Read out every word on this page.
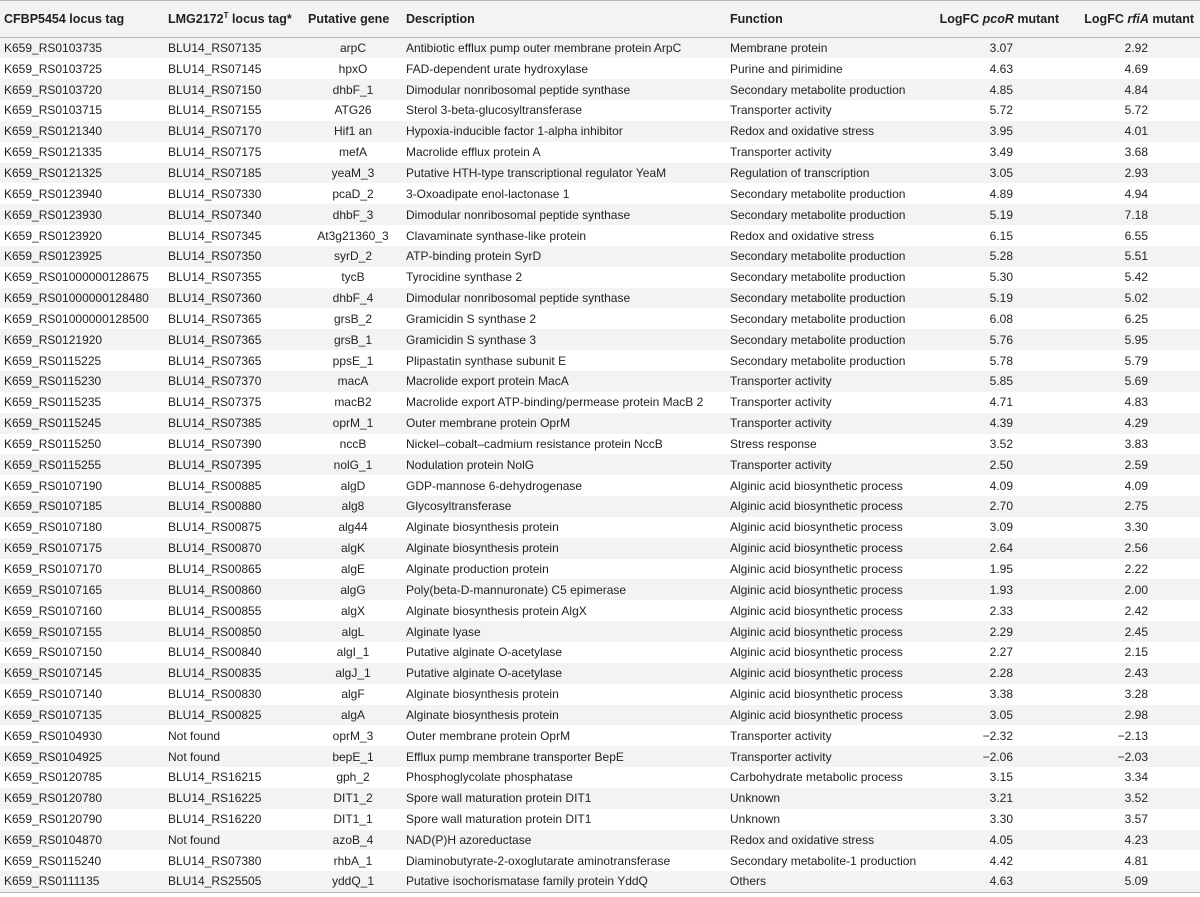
CFBP5454 locus tag	$LMG2172^T$ locus tag*	Putative gene	Description	Function	LogFC pcoR mutant	LogFC rfiA mutant
K659_RS0103735	BLU14_RS07135	arpC	Antibiotic efflux pump outer membrane protein ArpC	Membrane protein	3.07	2.92
K659_RS0103725	BLU14_RS07145	hpxO	FAD-dependent urate hydroxylase	Purine and pirimidine	4.63	4.69
K659_RS0103720	BLU14_RS07150	dhbF_1	Dimodular nonribosomal peptide synthase	Secondary metabolite production	4.85	4.84
K659_RS0103715	BLU14_RS07155	ATG26	Sterol 3-beta-glucosyltransferase	Transporter activity	5.72	5.72
K659_RS0121340	BLU14_RS07170	Hif1 an	Hypoxia-inducible factor 1-alpha inhibitor	Redox and oxidative stress	3.95	4.01
K659_RS0121335	BLU14_RS07175	mefA	Macrolide efflux protein A	Transporter activity	3.49	3.68
K659_RS0121325	BLU14_RS07185	yeaM_3	Putative HTH-type transcriptional regulator YeaM	Regulation of transcription	3.05	2.93
K659_RS0123940	BLU14_RS07330	pcaD_2	3-Oxoadipate enol-lactonase 1	Secondary metabolite production	4.89	4.94
K659_RS0123930	BLU14_RS07340	dhbF_3	Dimodular nonribosomal peptide synthase	Secondary metabolite production	5.19	7.18
K659_RS0123920	BLU14_RS07345	At3g21360_3	Clavaminate synthase-like protein	Redox and oxidative stress	6.15	6.55
K659_RS0123925	BLU14_RS07350	syrD_2	ATP-binding protein SyrD	Secondary metabolite production	5.28	5.51
K659_RS01000000128675	BLU14_RS07355	tycB	Tyrocidine synthase 2	Secondary metabolite production	5.30	5.42
K659_RS01000000128480	BLU14_RS07360	dhbF_4	Dimodular nonribosomal peptide synthase	Secondary metabolite production	5.19	5.02
K659_RS01000000128500	BLU14_RS07365	grsB_2	Gramicidin S synthase 2	Secondary metabolite production	6.08	6.25
K659_RS0121920	BLU14_RS07365	grsB_1	Gramicidin S synthase 3	Secondary metabolite production	5.76	5.95
K659_RS0115225	BLU14_RS07365	ppsE_1	Plipastatin synthase subunit E	Secondary metabolite production	5.78	5.79
K659_RS0115230	BLU14_RS07370	macA	Macrolide export protein MacA	Transporter activity	5.85	5.69
K659_RS0115235	BLU14_RS07375	macB2	Macrolide export ATP-binding/permease protein MacB 2	Transporter activity	4.71	4.83
K659_RS0115245	BLU14_RS07385	oprM_1	Outer membrane protein OprM	Transporter activity	4.39	4.29
K659_RS0115250	BLU14_RS07390	nccB	Nickel–cobalt–cadmium resistance protein NccB	Stress response	3.52	3.83
K659_RS0115255	BLU14_RS07395	nolG_1	Nodulation protein NolG	Transporter activity	2.50	2.59
K659_RS0107190	BLU14_RS00885	algD	GDP-mannose 6-dehydrogenase	Alginic acid biosynthetic process	4.09	4.09
K659_RS0107185	BLU14_RS00880	alg8	Glycosyltransferase	Alginic acid biosynthetic process	2.70	2.75
K659_RS0107180	BLU14_RS00875	alg44	Alginate biosynthesis protein	Alginic acid biosynthetic process	3.09	3.30
K659_RS0107175	BLU14_RS00870	algK	Alginate biosynthesis protein	Alginic acid biosynthetic process	2.64	2.56
K659_RS0107170	BLU14_RS00865	algE	Alginate production protein	Alginic acid biosynthetic process	1.95	2.22
K659_RS0107165	BLU14_RS00860	algG	Poly(beta-D-mannuronate) C5 epimerase	Alginic acid biosynthetic process	1.93	2.00
K659_RS0107160	BLU14_RS00855	algX	Alginate biosynthesis protein AlgX	Alginic acid biosynthetic process	2.33	2.42
K659_RS0107155	BLU14_RS00850	algL	Alginate lyase	Alginic acid biosynthetic process	2.29	2.45
K659_RS0107150	BLU14_RS00840	algI_1	Putative alginate O-acetylase	Alginic acid biosynthetic process	2.27	2.15
K659_RS0107145	BLU14_RS00835	algJ_1	Putative alginate O-acetylase	Alginic acid biosynthetic process	2.28	2.43
K659_RS0107140	BLU14_RS00830	algF	Alginate biosynthesis protein	Alginic acid biosynthetic process	3.38	3.28
K659_RS0107135	BLU14_RS00825	algA	Alginate biosynthesis protein	Alginic acid biosynthetic process	3.05	2.98
K659_RS0104930	Not found	oprM_3	Outer membrane protein OprM	Transporter activity	−2.32	−2.13
K659_RS0104925	Not found	bepE_1	Efflux pump membrane transporter BepE	Transporter activity	−2.06	−2.03
K659_RS0120785	BLU14_RS16215	gph_2	Phosphoglycolate phosphatase	Carbohydrate metabolic process	3.15	3.34
K659_RS0120780	BLU14_RS16225	DIT1_2	Spore wall maturation protein DIT1	Unknown	3.21	3.52
K659_RS0120790	BLU14_RS16220	DIT1_1	Spore wall maturation protein DIT1	Unknown	3.30	3.57
K659_RS0104870	Not found	azoB_4	NAD(P)H azoreductase	Redox and oxidative stress	4.05	4.23
K659_RS0115240	BLU14_RS07380	rhbA_1	Diaminobutyrate-2-oxoglutarate aminotransferase	Secondary metabolite-1 production	4.42	4.81
K659_RS0111135	BLU14_RS25505	yddQ_1	Putative isochorismatase family protein YddQ	Others	4.63	5.09
